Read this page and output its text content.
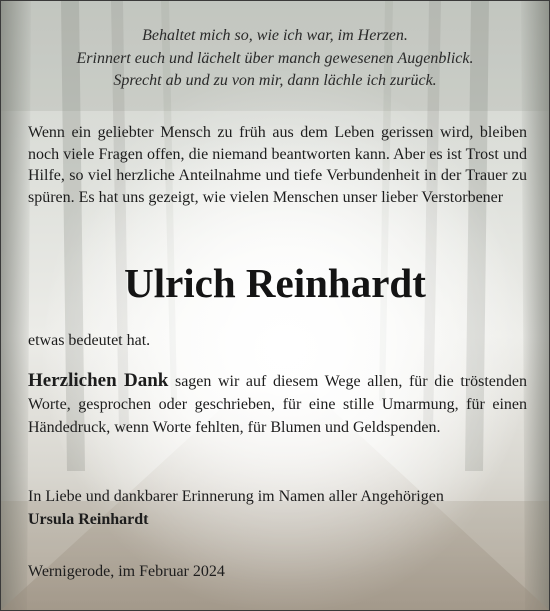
Behaltet mich so, wie ich war, im Herzen.
Erinnert euch und lächelt über manch gewesenen Augenblick.
Sprecht ab und zu von mir, dann lächle ich zurück.
Wenn ein geliebter Mensch zu früh aus dem Leben gerissen wird, bleiben noch viele Fragen offen, die niemand beantworten kann. Aber es ist Trost und Hilfe, so viel herzliche Anteilnahme und tiefe Verbundenheit in der Trauer zu spüren. Es hat uns gezeigt, wie vielen Menschen unser lieber Verstorbener
Ulrich Reinhardt
etwas bedeutet hat.
Herzlichen Dank sagen wir auf diesem Wege allen, für die tröstenden Worte, gesprochen oder geschrieben, für eine stille Umarmung, für einen Händedruck, wenn Worte fehlten, für Blumen und Geldspenden.
In Liebe und dankbarer Erinnerung im Namen aller Angehörigen
Ursula Reinhardt
Wernigerode, im Februar 2024
